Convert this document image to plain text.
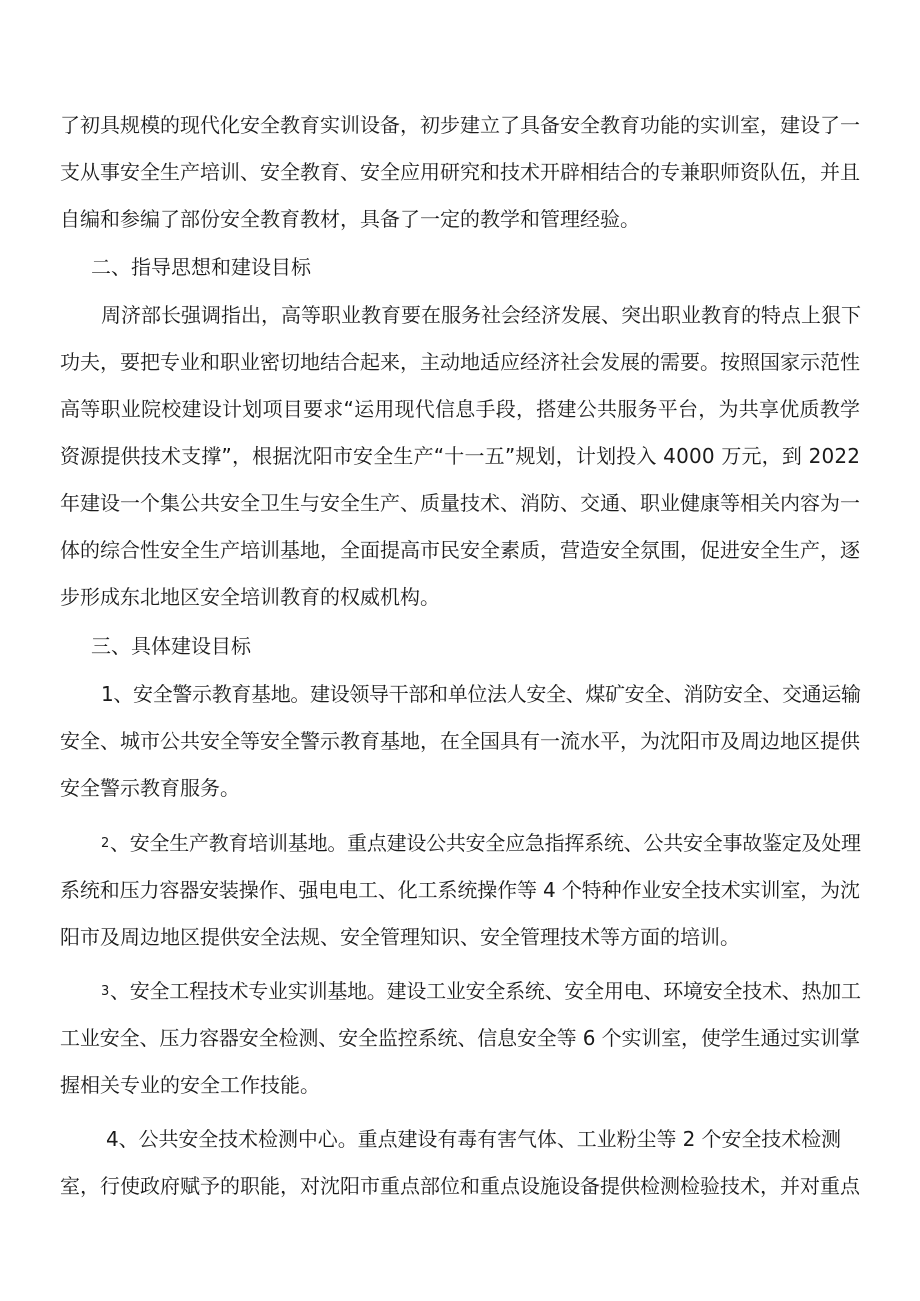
了初具规模的现代化安全教育实训设备，初步建立了具备安全教育功能的实训室，建设了一
支从事安全生产培训、安全教育、安全应用研究和技术开辟相结合的专兼职师资队伍，并且
自编和参编了部份安全教育教材，具备了一定的教学和管理经验。
二、指导思想和建设目标
周济部长强调指出，高等职业教育要在服务社会经济发展、突出职业教育的特点上狠下
功夫，要把专业和职业密切地结合起来，主动地适应经济社会发展的需要。按照国家示范性
高等职业院校建设计划项目要求“运用现代信息手段，搭建公共服务平台，为共享优质教学
资源提供技术支撑”，根据沈阳市安全生产“十一五”规划，计划投入 4000 万元，到 2022
年建设一个集公共安全卫生与安全生产、质量技术、消防、交通、职业健康等相关内容为一
体的综合性安全生产培训基地，全面提高市民安全素质，营造安全氛围，促进安全生产，逐
步形成东北地区安全培训教育的权威机构。
三、具体建设目标
1、安全警示教育基地。建设领导干部和单位法人安全、煤矿安全、消防安全、交通运输
安全、城市公共安全等安全警示教育基地，在全国具有一流水平，为沈阳市及周边地区提供
安全警示教育服务。
2 、安全生产教育培训基地。重点建设公共安全应急指挥系统、公共安全事故鉴定及处理
系统和压力容器安装操作、强电电工、化工系统操作等 4 个特种作业安全技术实训室，为沈
阳市及周边地区提供安全法规、安全管理知识、安全管理技术等方面的培训。
3 、安全工程技术专业实训基地。建设工业安全系统、安全用电、环境安全技术、热加工
工业安全、压力容器安全检测、安全监控系统、信息安全等 6 个实训室，使学生通过实训掌
握相关专业的安全工作技能。
4、公共安全技术检测中心。重点建设有毒有害气体、工业粉尘等 2 个安全技术检测
室，行使政府赋予的职能，对沈阳市重点部位和重点设施设备提供检测检验技术，并对重点
